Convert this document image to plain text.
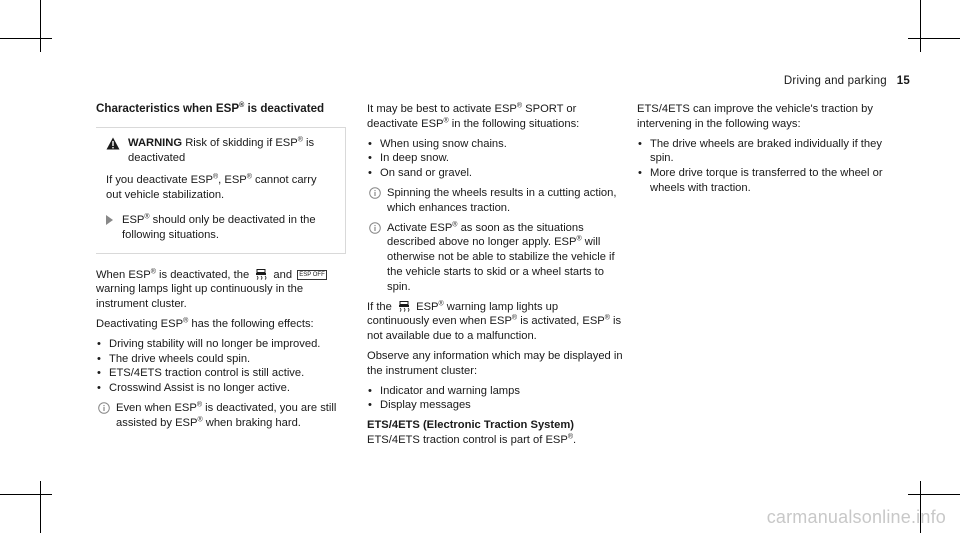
Driving and parking 15
Characteristics when ESP® is deactivated
WARNING Risk of skidding if ESP® is deactivated

If you deactivate ESP®, ESP® cannot carry out vehicle stabilization.

ESP® should only be deactivated in the following situations.

When ESP® is deactivated, the and ESP OFF warning lamps light up continuously in the instrument cluster.

Deactivating ESP® has the following effects:

• Driving stability will no longer be improved.
• The drive wheels could spin.
• ETS/4ETS traction control is still active.
• Crosswind Assist is no longer active.
Even when ESP® is deactivated, you are still assisted by ESP® when braking hard.

It may be best to activate ESP® SPORT or deactivate ESP® in the following situations:

• When using snow chains.
• In deep snow.
• On sand or gravel.
Spinning the wheels results in a cutting action, which enhances traction.
Activate ESP® as soon as the situations described above no longer apply. ESP® will otherwise not be able to stabilize the vehicle if the vehicle starts to skid or a wheel starts to spin.

If the ESP® warning lamp lights up continuously even when ESP® is activated, ESP® is not available due to a malfunction.

Observe any information which may be displayed in the instrument cluster:

• Indicator and warning lamps
• Display messages

ETS/4ETS (Electronic Traction System)

ETS/4ETS traction control is part of ESP®.

ETS/4ETS can improve the vehicle's traction by intervening in the following ways:

• The drive wheels are braked individually if they spin.
• More drive torque is transferred to the wheel or wheels with traction.
carmanualsonline.info
